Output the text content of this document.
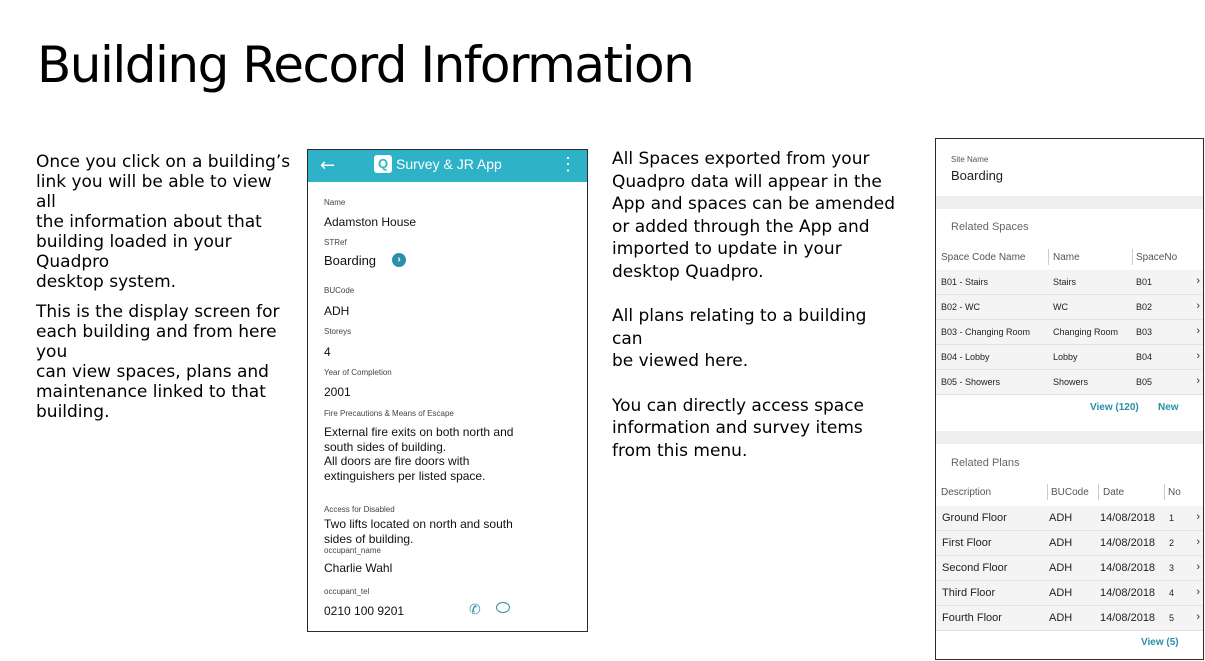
Building Record Information

Once you click on a building’s
link you will be able to view all
the information about that
building loaded in your Quadpro
desktop system.

This is the display screen for
each building and from here you
can view spaces, plans and
maintenance linked to that
building.

All Spaces exported from your
Quadpro data will appear in the
App and spaces can be amended
or added through the App and
imported to update in your
desktop Quadpro.

All plans relating to a building can
be viewed here.

You can directly access space
information and survey items
from this menu.

←	Q Survey & JR App	⋮
Name
Adamston House
STRef
Boarding	›
BUCode
ADH
Storeys
4
Year of Completion
2001
Fire Precautions & Means of Escape
External fire exits on both north and
south sides of building.
All doors are fire doors with
extinguishers per listed space.
Access for Disabled
Two lifts located on north and south
sides of building.
occupant_name
Charlie Wahl
occupant_tel
0210 100 9201	✆
Site Name
Boarding
Related Spaces
Space Code Name	Name	SpaceNo
B01 - Stairs	Stairs	B01	›
B02 - WC	WC	B02	›
B03 - Changing Room	Changing Room B03	›
B04 - Lobby	Lobby	B04	›
B05 - Showers	Showers	B05	›
View (120) New
Related Plans
Description	BUCode Date	No
Ground Floor	ADH	14/08/2018 1 ›
First Floor	ADH	14/08/2018 2 ›
Second Floor	ADH	14/08/2018 3 ›
Third Floor	ADH	14/08/2018 4 ›
Fourth Floor	ADH	14/08/2018 5 ›
View (5)
